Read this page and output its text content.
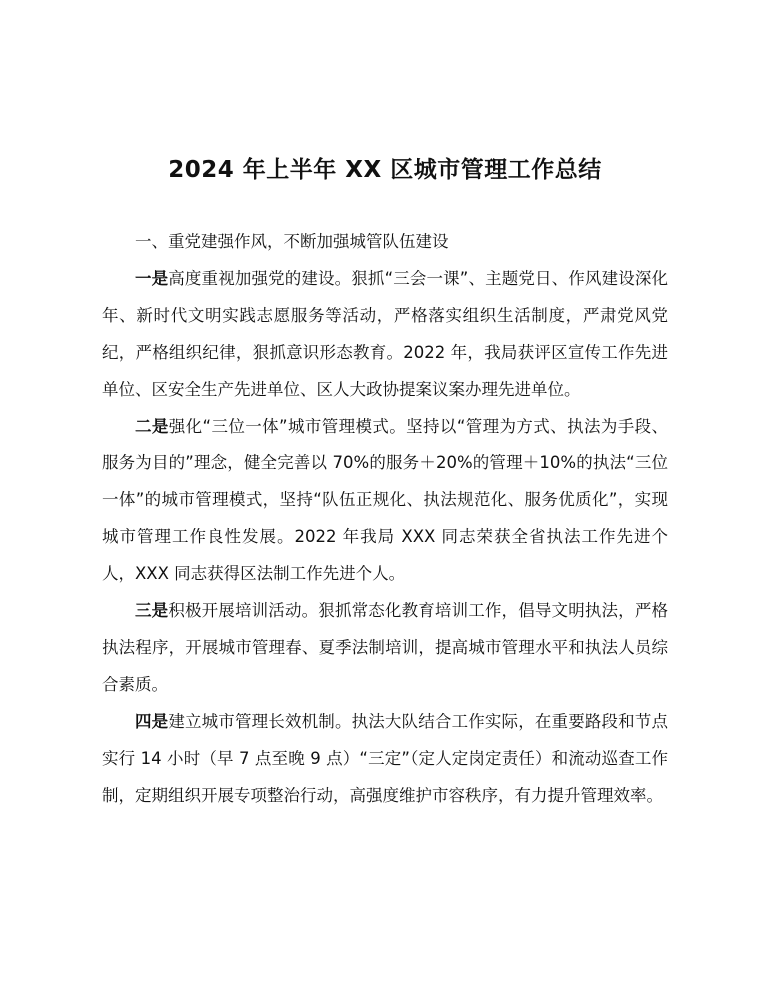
2024 年上半年 XX 区城市管理工作总结

一、重党建强作风，不断加强城管队伍建设

一是高度重视加强党的建设。狠抓“三会一课”、主题党日、作风建设深化年、新时代文明实践志愿服务等活动，严格落实组织生活制度，严肃党风党纪，严格组织纪律，狠抓意识形态教育。2022 年，我局获评区宣传工作先进单位、区安全生产先进单位、区人大政协提案议案办理先进单位。

二是强化“三位一体”城市管理模式。坚持以“管理为方式、执法为手段、服务为目的”理念，健全完善以 70%的服务＋20%的管理＋10%的执法“三位一体”的城市管理模式，坚持“队伍正规化、执法规范化、服务优质化”，实现城市管理工作良性发展。2022 年我局 XXX 同志荣获全省执法工作先进个人，XXX 同志获得区法制工作先进个人。

三是积极开展培训活动。狠抓常态化教育培训工作，倡导文明执法，严格执法程序，开展城市管理春、夏季法制培训，提高城市管理水平和执法人员综合素质。

四是建立城市管理长效机制。执法大队结合工作实际，在重要路段和节点实行 14 小时（早 7 点至晚 9 点）“三定”（定人定岗定责任）和流动巡查工作制，定期组织开展专项整治行动，高强度维护市容秩序，有力提升管理效率。
